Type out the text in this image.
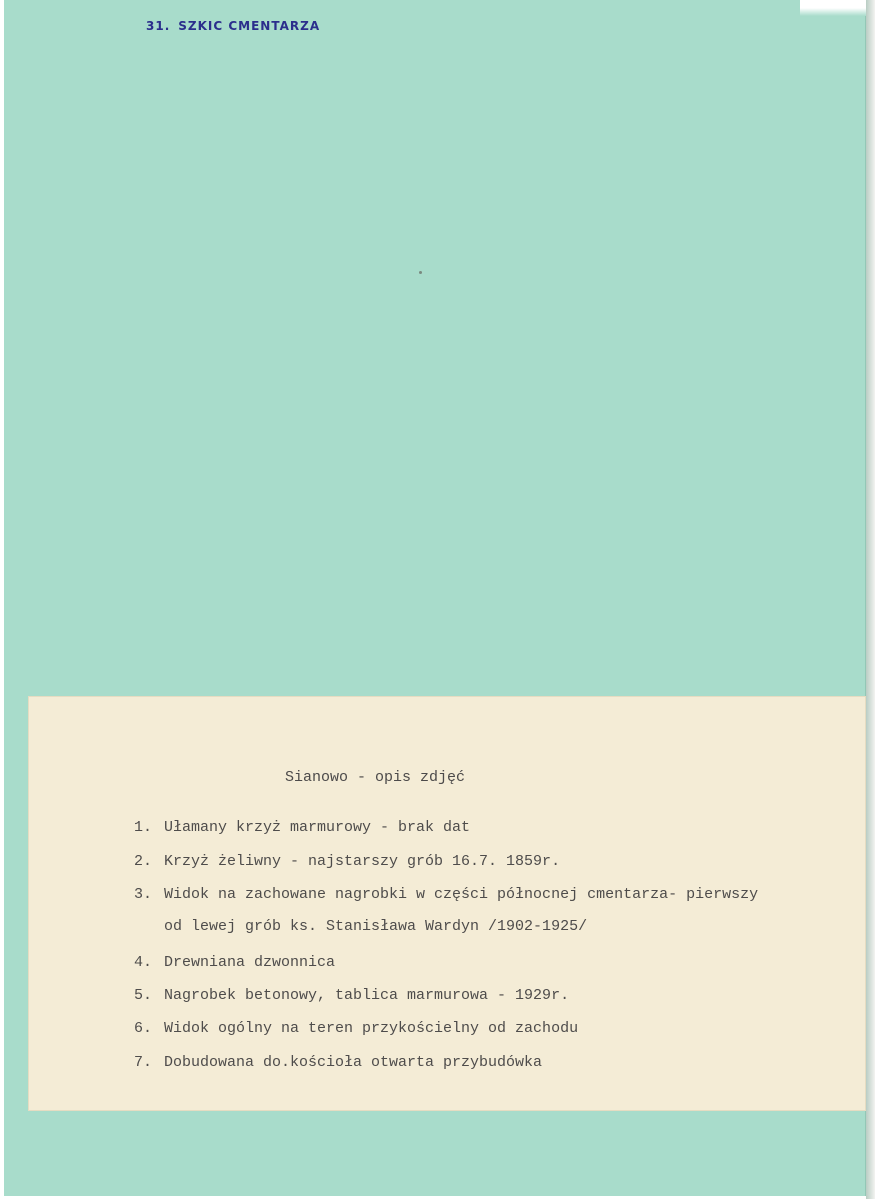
31. SZKIC CMENTARZA
Sianowo - opis zdjęć
1. Ułamany krzyż marmurowy - brak dat
2. Krzyż żeliwny - najstarszy grób 16.7. 1859r.
3. Widok na zachowane nagrobki w części północnej cmentarza- pierwszy
od lewej grób ks. Stanisława Wardyn /1902-1925/
4. Drewniana dzwonnica
5. Nagrobek betonowy, tablica marmurowa - 1929r.
6. Widok ogólny na teren przykościelny od zachodu
7. Dobudowana do.kościoła otwarta przybudówka
